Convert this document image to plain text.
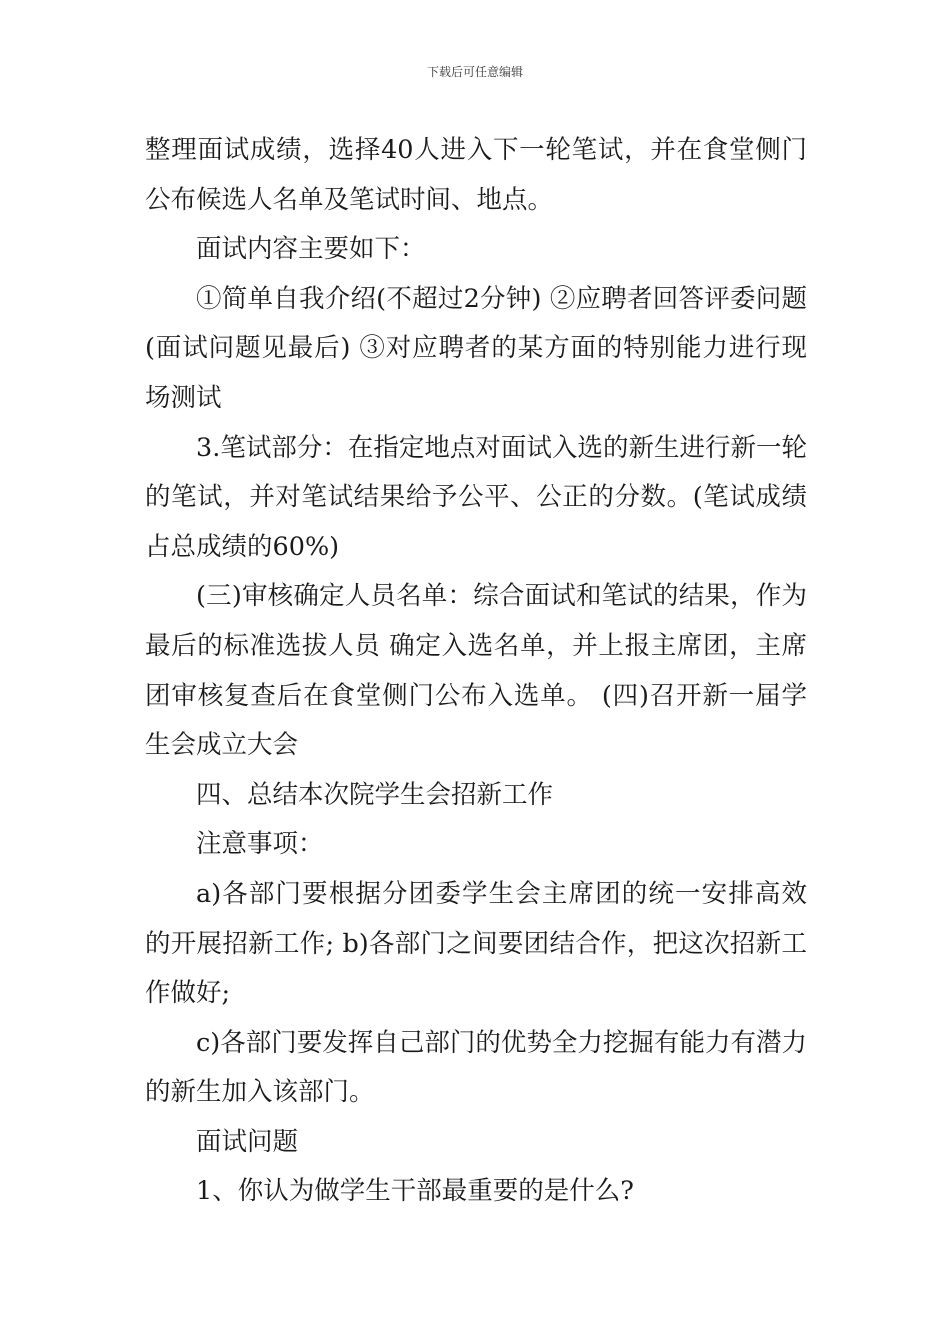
下载后可任意编辑

整理面试成绩，选择40人进入下一轮笔试，并在食堂侧门公布候选人名单及笔试时间、地点。

面试内容主要如下：

①简单自我介绍(不超过2分钟) ②应聘者回答评委问题(面试问题见最后) ③对应聘者的某方面的特别能力进行现场测试

3.笔试部分：在指定地点对面试入选的新生进行新一轮的笔试，并对笔试结果给予公平、公正的分数。(笔试成绩占总成绩的60%)

(三)审核确定人员名单：综合面试和笔试的结果，作为最后的标准选拔人员 确定入选名单，并上报主席团，主席团审核复查后在食堂侧门公布入选单。 (四)召开新一届学生会成立大会

四、总结本次院学生会招新工作

注意事项：

a)各部门要根据分团委学生会主席团的统一安排高效的开展招新工作; b)各部门之间要团结合作，把这次招新工作做好;

c)各部门要发挥自己部门的优势全力挖掘有能力有潜力的新生加入该部门。

面试问题

1、你认为做学生干部最重要的是什么?
